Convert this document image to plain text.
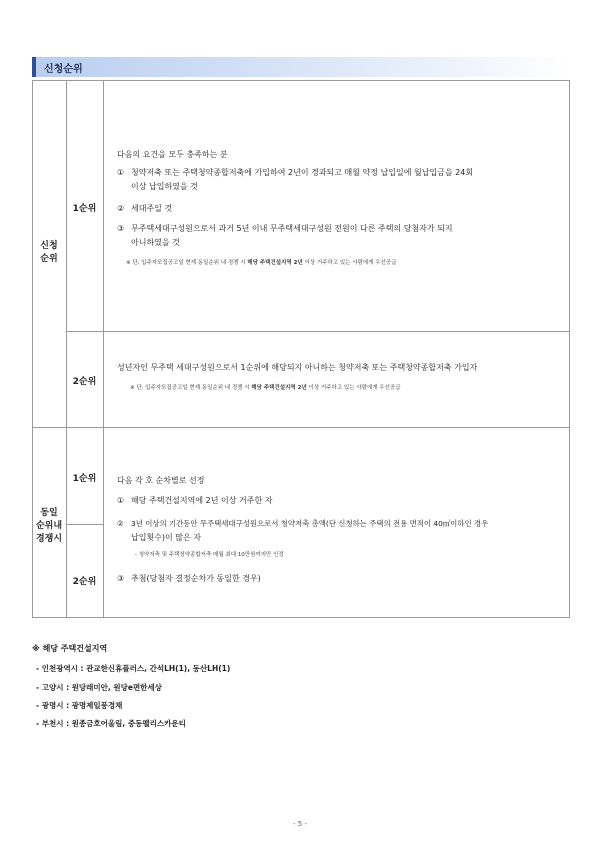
신청순위
신청
순위
동일
순위내
경쟁시
1순위
2순위
1순위
2순위
다음의 요건을 모두 충족하는 분
① 청약저축 또는 주택청약종합저축에 가입하여 2년이 경과되고 매월 약정 납입일에 월납입금을 24회
이상 납입하였을 것
② 세대주일 것
③ 무주택세대구성원으로서 과거 5년 이내 무주택세대구성원 전원이 다른 주택의 당첨자가 되지
아니하였을 것
※ 단, 입주자모집공고일 현재 동일순위 내 경쟁 시 해당 주택건설지역 2년 이상 거주하고 있는 사람에게 우선공급
성년자인 무주택 세대구성원으로서 1순위에 해당되지 아니하는 청약저축 또는 주택청약종합저축 가입자
※ 단, 입주자모집공고일 현재 동일순위 내 경쟁 시 해당 주택건설지역 2년 이상 거주하고 있는 사람에게 우선공급
다음 각 호 순차별로 선정
① 해당 주택건설지역에 2년 이상 거주한 자
② 3년 이상의 기간동안 무주택세대구성원으로서 청약저축 총액(단 신청하는 주택의 전용 면적이 40㎡이하인 경우
납입횟수)이 많은 자
- 청약저축 및 주택청약종합저축 매월 최대 10만원까지만 인정
③ 추첨(당첨자 결정순차가 동일한 경우)
※ 해당 주택건설지역
- 인천광역시 : 관교한신휴플러스, 간석LH(1), 동산LH(1)
- 고양시 : 원당래미안, 원당e편한세상
- 광명시 : 광명제일풍경채
- 부천시 : 원종금호어울림, 중동팰리스카운티
- 5 -
